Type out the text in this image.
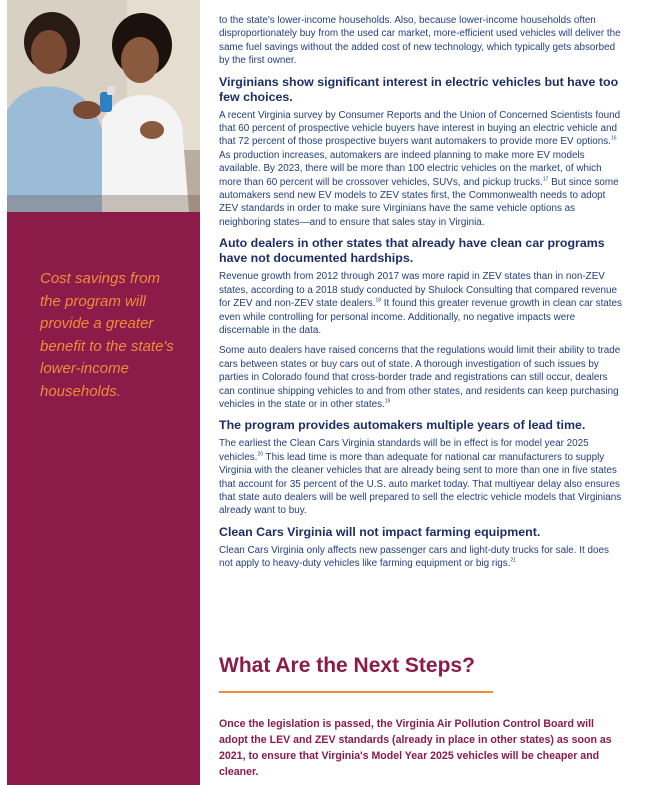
Cost savings from the program will provide a greater benefit to the state's lower-income households.

to the state's lower-income households. Also, because lower-income households often disproportionately buy from the used car market, more-efficient used vehicles will deliver the same fuel savings without the added cost of new technology, which typically gets absorbed by the first owner.

Virginians show significant interest in electric vehicles but have too few choices.

A recent Virginia survey by Consumer Reports and the Union of Concerned Scientists found that 60 percent of prospective vehicle buyers have interest in buying an electric vehicle and that 72 percent of those prospective buyers want automakers to provide more EV options.$^{16}$ As production increases, automakers are indeed planning to make more EV models available. By 2023, there will be more than 100 electric vehicles on the market, of which more than 60 percent will be crossover vehicles, SUVs, and pickup trucks.$^{17}$ But since some automakers send new EV models to ZEV states first, the Commonwealth needs to adopt ZEV standards in order to make sure Virginians have the same vehicle options as neighboring states—and to ensure that sales stay in Virginia.

Auto dealers in other states that already have clean car programs have not documented hardships.

Revenue growth from 2012 through 2017 was more rapid in ZEV states than in non-ZEV states, according to a 2018 study conducted by Shulock Consulting that compared revenue for ZEV and non-ZEV state dealers.$^{18}$ It found this greater revenue growth in clean car states even while controlling for personal income. Additionally, no negative impacts were discernable in the data.

Some auto dealers have raised concerns that the regulations would limit their ability to trade cars between states or buy cars out of state. A thorough investigation of such issues by parties in Colorado found that cross-border trade and registrations can still occur, dealers can continue shipping vehicles to and from other states, and residents can keep purchasing vehicles in the state or in other states.$^{19}$

The program provides automakers multiple years of lead time.

The earliest the Clean Cars Virginia standards will be in effect is for model year 2025 vehicles.$^{20}$ This lead time is more than adequate for national car manufacturers to supply Virginia with the cleaner vehicles that are already being sent to more than one in five states that account for 35 percent of the U.S. auto market today. That multiyear delay also ensures that state auto dealers will be well prepared to sell the electric vehicle models that Virginians already want to buy.

Clean Cars Virginia will not impact farming equipment.

Clean Cars Virginia only affects new passenger cars and light-duty trucks for sale. It does not apply to heavy-duty vehicles like farming equipment or big rigs.$^{21}$

What Are the Next Steps?

Once the legislation is passed, the Virginia Air Pollution Control Board will adopt the LEV and ZEV standards (already in place in other states) as soon as 2021, to ensure that Virginia's Model Year 2025 vehicles will be cheaper and cleaner.
